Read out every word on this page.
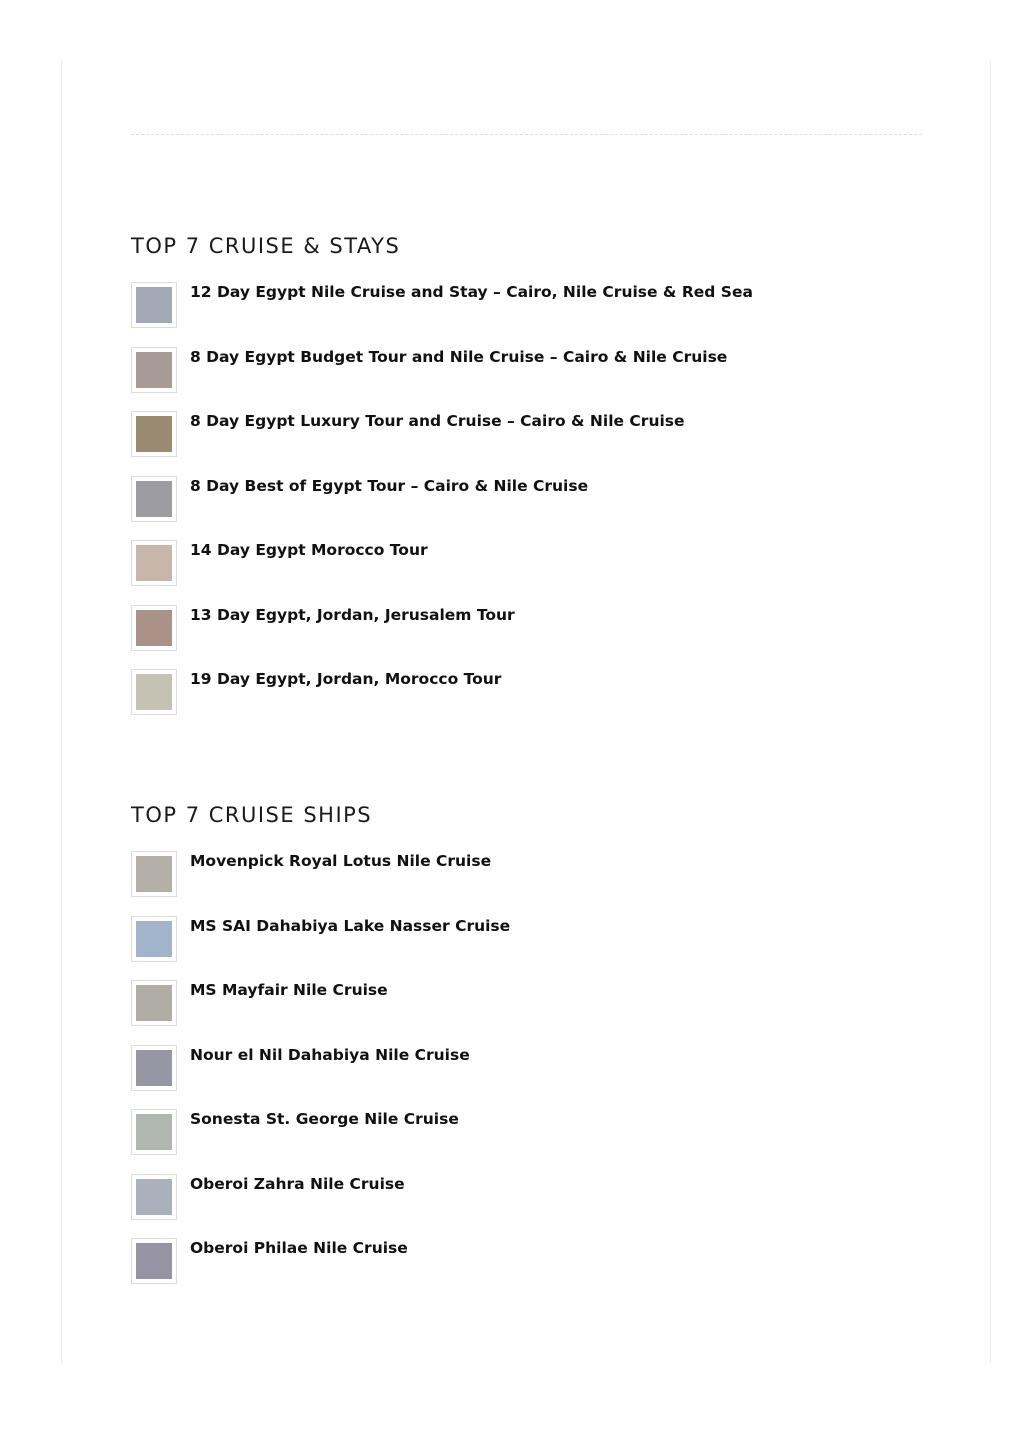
TOP 7 CRUISE & STAYS
12 Day Egypt Nile Cruise and Stay – Cairo, Nile Cruise & Red Sea
8 Day Egypt Budget Tour and Nile Cruise – Cairo & Nile Cruise
8 Day Egypt Luxury Tour and Cruise – Cairo & Nile Cruise
8 Day Best of Egypt Tour – Cairo & Nile Cruise
14 Day Egypt Morocco Tour
13 Day Egypt, Jordan, Jerusalem Tour
19 Day Egypt, Jordan, Morocco Tour
TOP 7 CRUISE SHIPS
Movenpick Royal Lotus Nile Cruise
MS SAI Dahabiya Lake Nasser Cruise
MS Mayfair Nile Cruise
Nour el Nil Dahabiya Nile Cruise
Sonesta St. George Nile Cruise
Oberoi Zahra Nile Cruise
Oberoi Philae Nile Cruise
